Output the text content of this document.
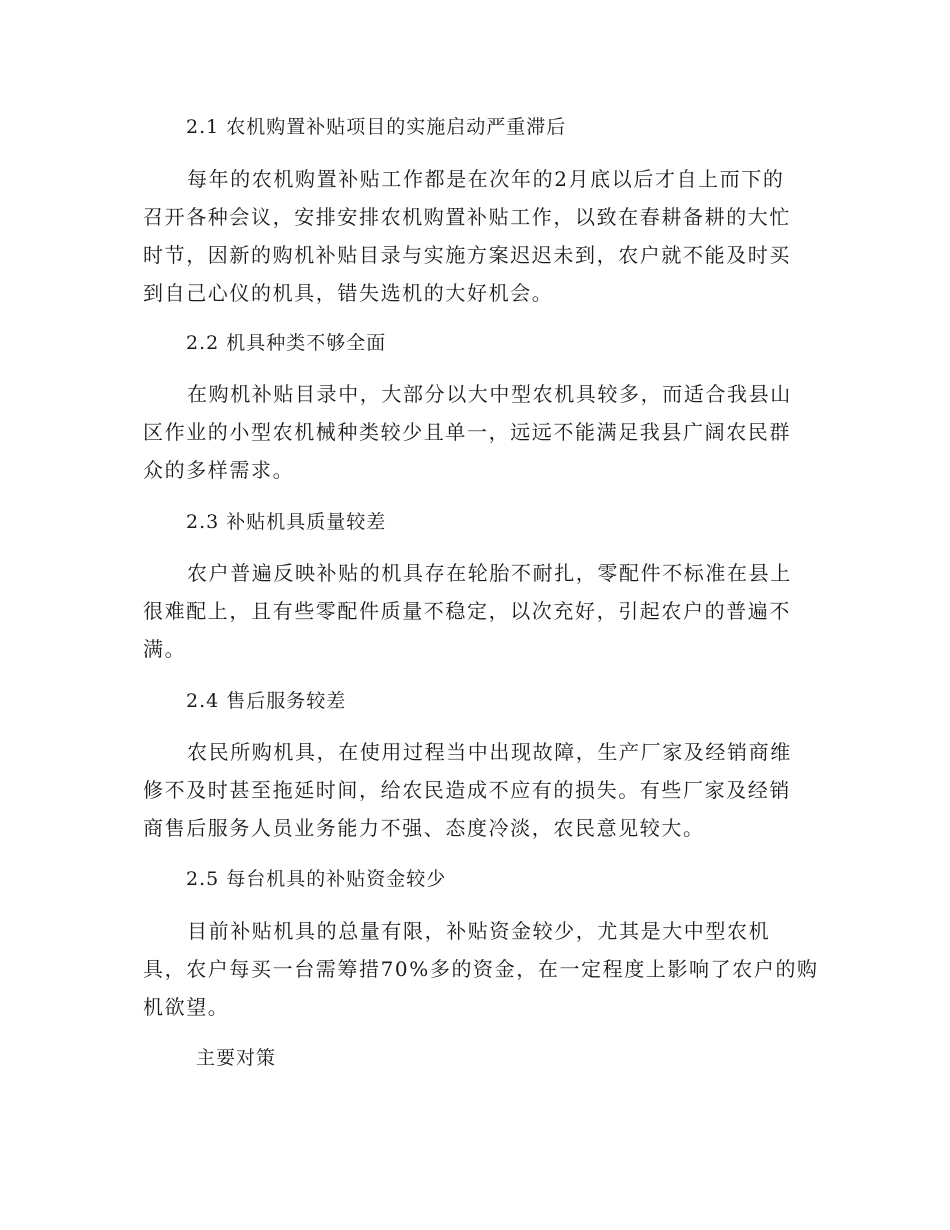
2.1 农机购置补贴项目的实施启动严重滞后
每年的农机购置补贴工作都是在次年的2月底以后才自上而下的
召开各种会议，安排安排农机购置补贴工作，以致在春耕备耕的大忙
时节，因新的购机补贴目录与实施方案迟迟未到，农户就不能及时买
到自己心仪的机具，错失选机的大好机会。
2.2 机具种类不够全面
在购机补贴目录中，大部分以大中型农机具较多，而适合我县山
区作业的小型农机械种类较少且单一，远远不能满足我县广阔农民群
众的多样需求。
2.3 补贴机具质量较差
农户普遍反映补贴的机具存在轮胎不耐扎，零配件不标准在县上
很难配上，且有些零配件质量不稳定，以次充好，引起农户的普遍不
满。
2.4 售后服务较差
农民所购机具，在使用过程当中出现故障，生产厂家及经销商维
修不及时甚至拖延时间，给农民造成不应有的损失。有些厂家及经销
商售后服务人员业务能力不强、态度冷淡，农民意见较大。
2.5 每台机具的补贴资金较少
目前补贴机具的总量有限，补贴资金较少，尤其是大中型农机
具，农户每买一台需筹措70%多的资金，在一定程度上影响了农户的购
机欲望。
主要对策
